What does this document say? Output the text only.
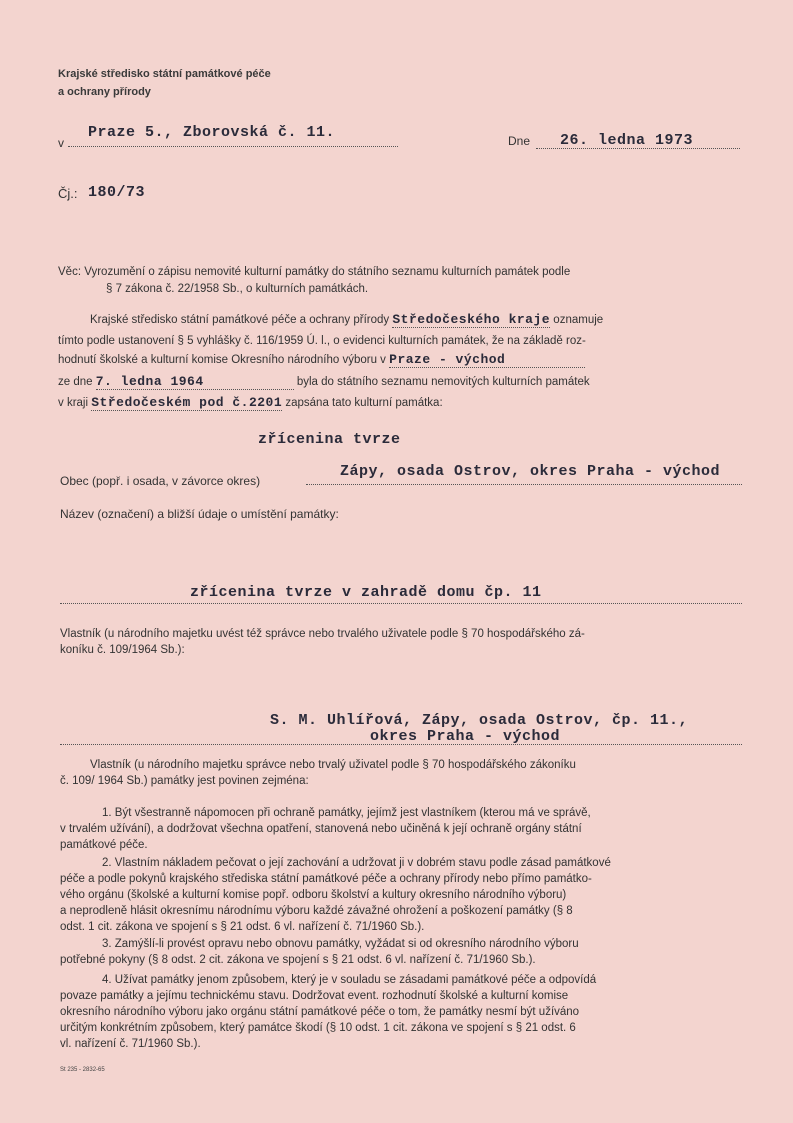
Krajské středisko státní památkové péče
a ochrany přírody
v
Praze 5., Zborovská č. 11.	Dne 26. ledna 1973
Čj.: 180/73
Věc: Vyrozumění o zápisu nemovité kulturní památky do státního seznamu kulturních památek podle
§ 7 zákona č. 22/1958 Sb., o kulturních památkách.
Krajské středisko státní památkové péče a ochrany přírody Středočeského kraje oznamuje
tímto podle ustanovení § 5 vyhlášky č. 116/1959 Ú. l., o evidenci kulturních památek, že na základě roz-
hodnutí školské a kulturní komise Okresního národního výboru v Praze - východ
ze dne 7. ledna 1964	byla do státního seznamu nemovitých kulturních památek
v kraji Středočeském pod č.2201 zapsána tato kulturní památka:
zřícenina tvrze
Obec (popř. i osada, v závorce okres)
Zápy, osada Ostrov, okres Praha - východ
Název (označení) a bližší údaje o umístění památky:
zřícenina tvrze v zahradě domu čp. 11
Vlastník (u národního majetku uvést též správce nebo trvalého uživatele podle § 70 hospodářského zá-
koníku č. 109/1964 Sb.):
S. M. Uhlířová, Zápy, osada Ostrov, čp. 11.,
okres Praha - východ
Vlastník (u národního majetku správce nebo trvalý uživatel podle § 70 hospodářského zákoníku
č. 109/ 1964 Sb.) památky jest povinen zejména:
1. Být všestranně nápomocen při ochraně památky, jejímž jest vlastníkem (kterou má ve správě,
v trvalém užívání), a dodržovat všechna opatření, stanovená nebo učiněná k její ochraně orgány státní
památkové péče.
2. Vlastním nákladem pečovat o její zachování a udržovat ji v dobrém stavu podle zásad památkové
péče a podle pokynů krajského střediska státní památkové péče a ochrany přírody nebo přímo památko-
vého orgánu (školské a kulturní komise popř. odboru školství a kultury okresního národního výboru)
a neprodleně hlásit okresnímu národnímu výboru každé závažné ohrožení a poškození památky (§ 8
odst. 1 cit. zákona ve spojení s § 21 odst. 6 vl. nařízení č. 71/1960 Sb.).
3. Zamýšlí-li provést opravu nebo obnovu památky, vyžádat si od okresního národního výboru
potřebné pokyny (§ 8 odst. 2 cit. zákona ve spojení s § 21 odst. 6 vl. nařízení č. 71/1960 Sb.).
4. Užívat památky jenom způsobem, který je v souladu se zásadami památkové péče a odpovídá
povaze památky a jejímu technickému stavu. Dodržovat event. rozhodnutí školské a kulturní komise
okresního národního výboru jako orgánu státní památkové péče o tom, že památky nesmí být užíváno
určitým konkrétním způsobem, který památce škodí (§ 10 odst. 1 cit. zákona ve spojení s § 21 odst. 6
vl. nařízení č. 71/1960 Sb.).
St 235 - 2832-65
